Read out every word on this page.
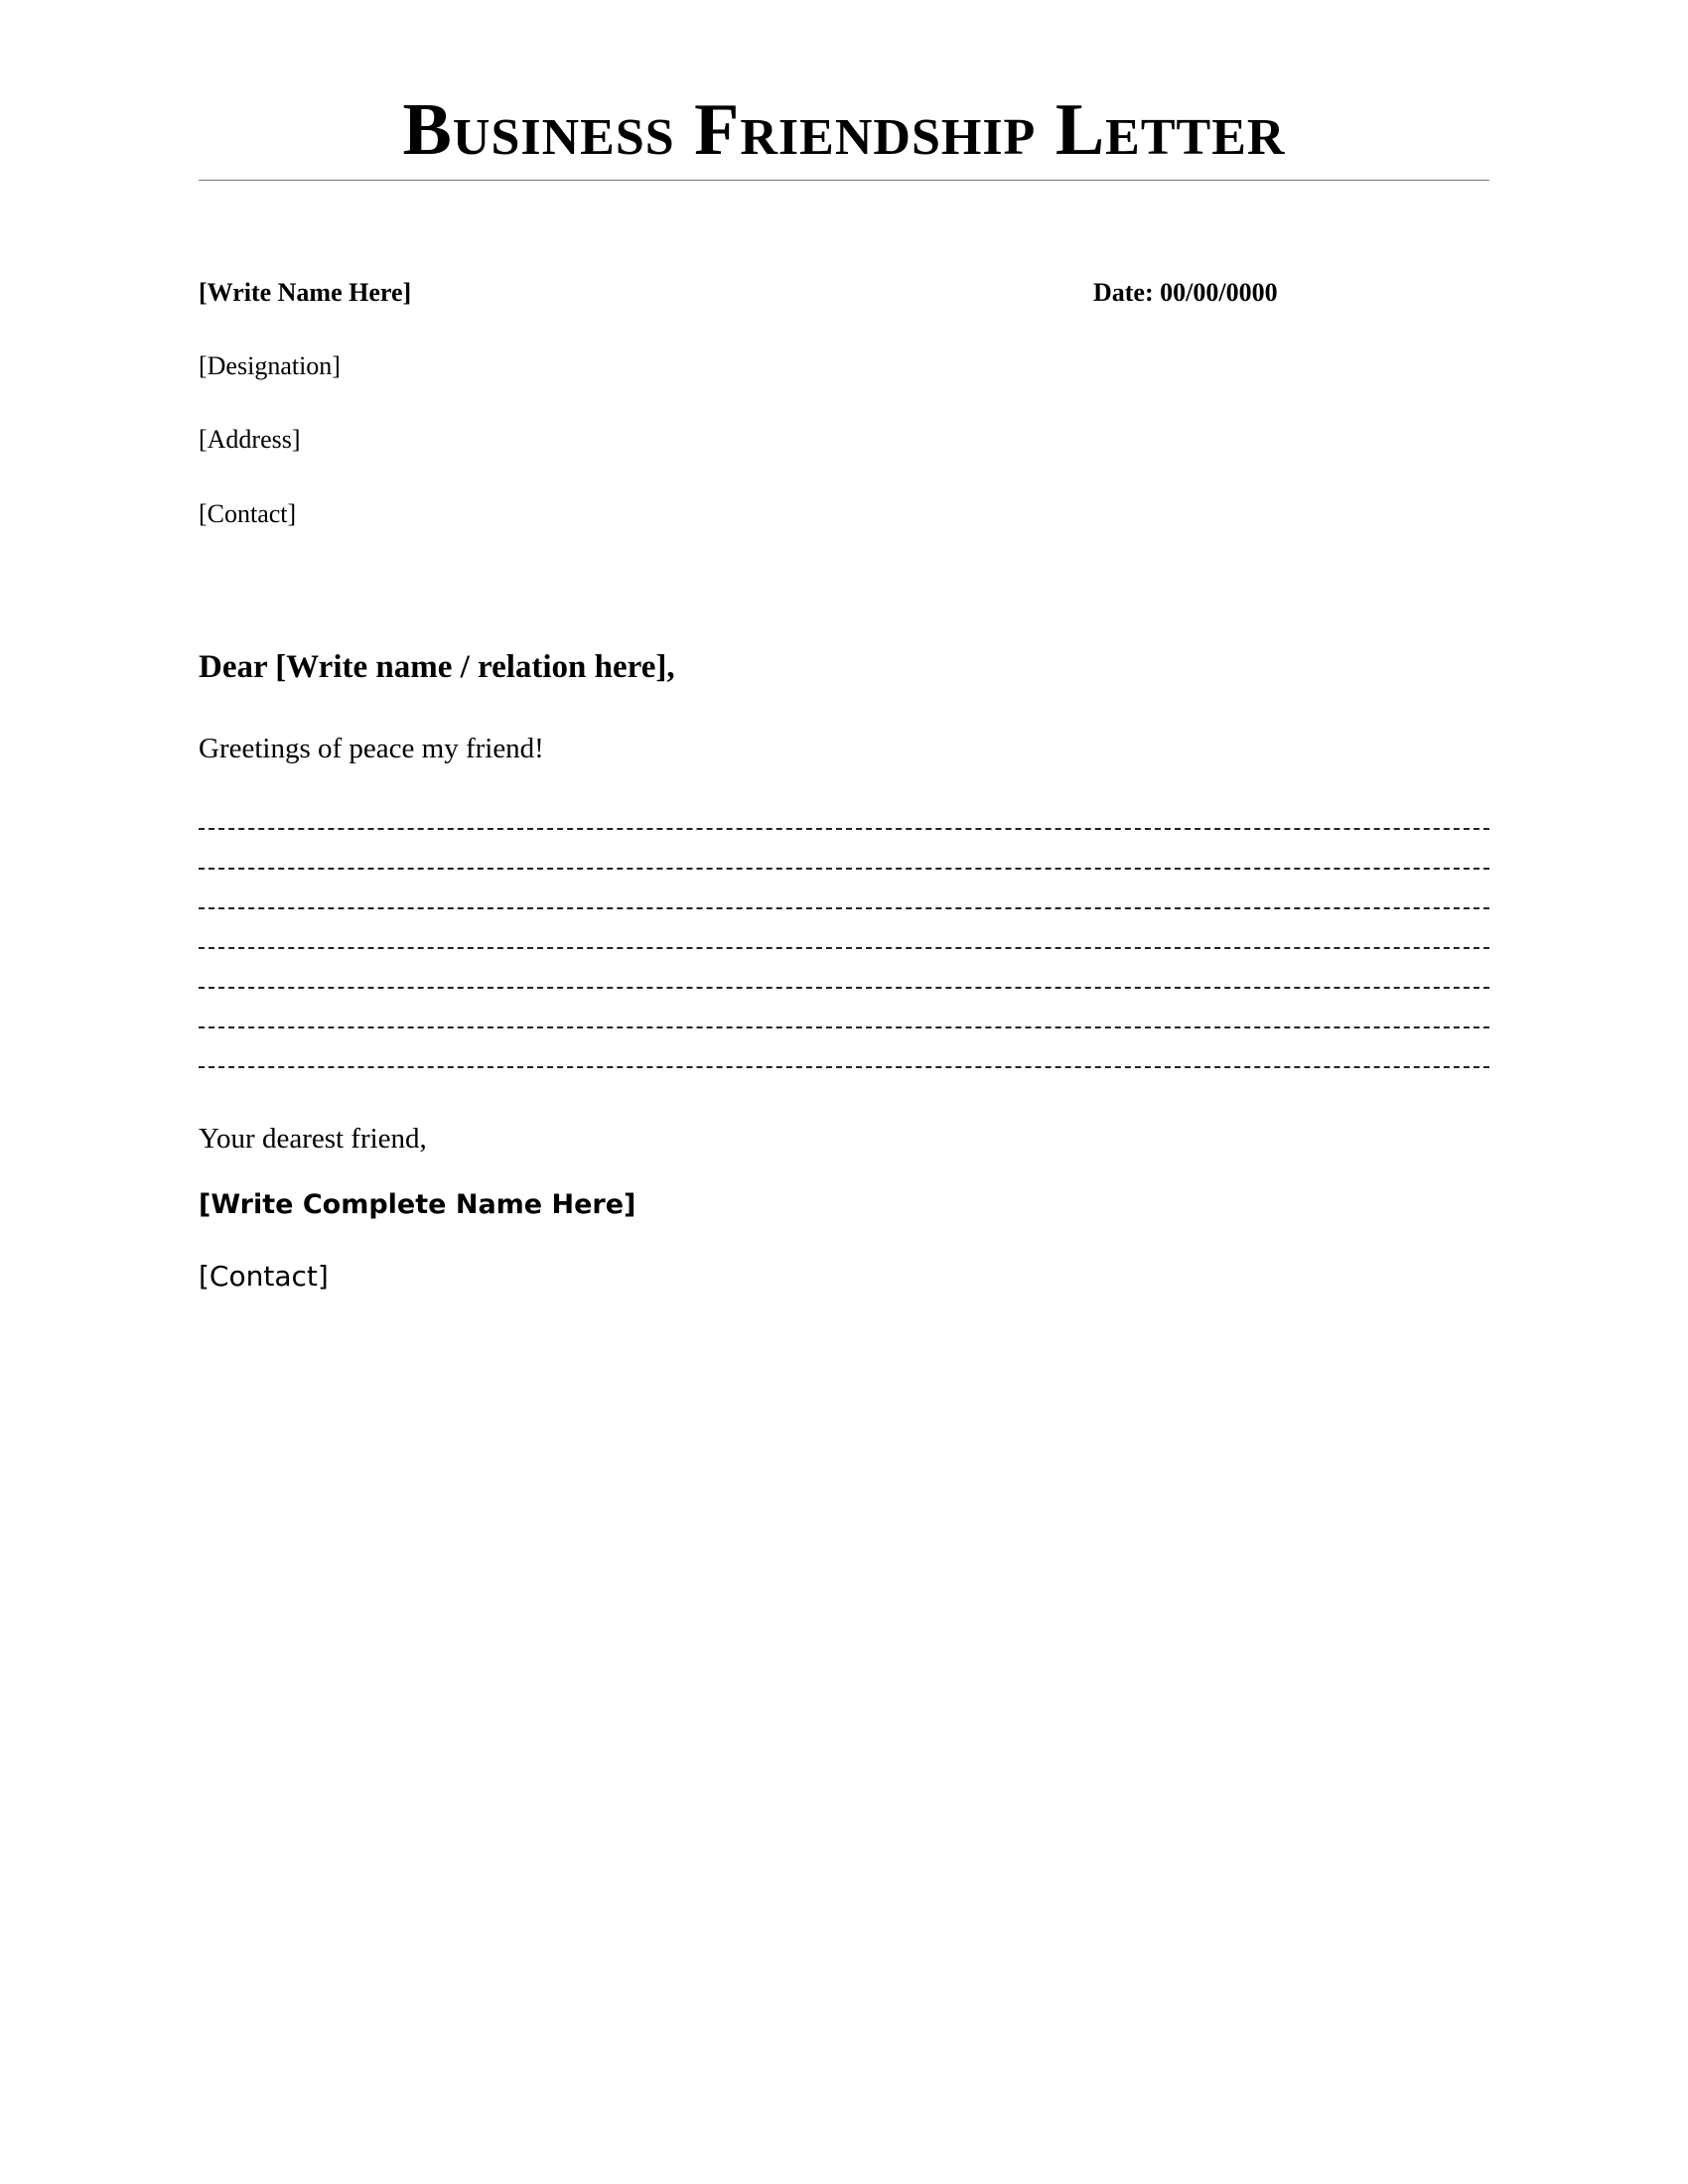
Business Friendship Letter
[Write Name Here]	Date: 00/00/0000
[Designation]
[Address]
[Contact]
Dear [Write name / relation here],
Greetings of peace my friend!
Your dearest friend,
[Write Complete Name Here]
[Contact]
